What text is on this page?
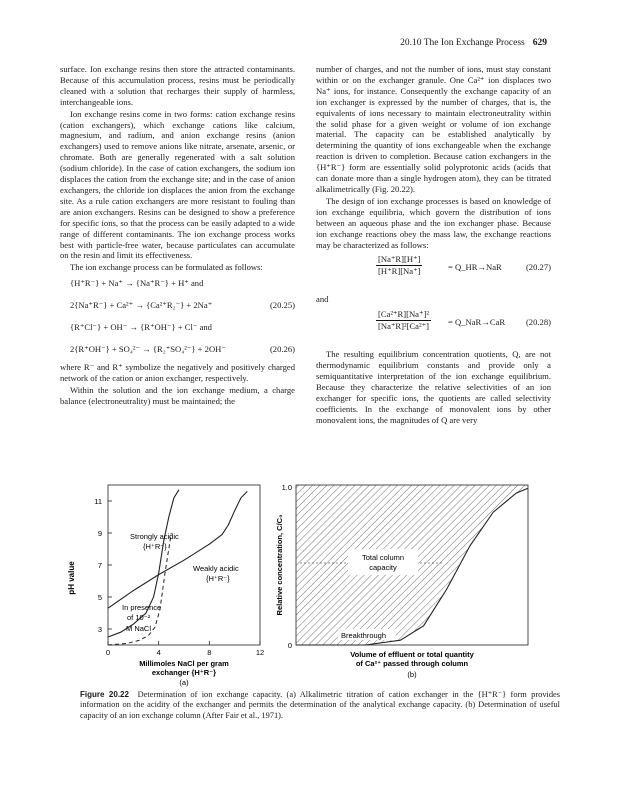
20.10 The Ion Exchange Process 629

surface. Ion exchange resins then store the attracted contaminants. Because of this accumulation process, resins must be periodically cleaned with a solution that recharges their supply of harmless, interchangeable ions.

Ion exchange resins come in two forms: cation exchange resins (cation exchangers), which exchange cations like calcium, magnesium, and radium, and anion exchange resins (anion exchangers) used to remove anions like nitrate, arsenate, arsenic, or chromate. Both are generally regenerated with a salt solution (sodium chloride). In the case of cation exchangers, the sodium ion displaces the cation from the exchange site; and in the case of anion exchangers, the chloride ion displaces the anion from the exchange site. As a rule cation exchangers are more resistant to fouling than are anion exchangers. Resins can be designed to show a preference for specific ions, so that the process can be easily adapted to a wide range of different contaminants. The ion exchange process works best with particle-free water, because particulates can accumulate on the resin and limit its effectiveness.

The ion exchange process can be formulated as follows:

{H⁺R⁻} + Na⁺ → {Na⁺R⁻} + H⁺ and
2{Na⁺R⁻} + Ca²⁺ → {Ca²⁺R₂⁻} + 2Na⁺	(20.25)
{R⁺Cl⁻} + OH⁻ → {R⁺OH⁻} + Cl⁻ and
2{R⁺OH⁻} + SO₄²⁻ → {R₂⁺SO₄²⁻} + 2OH⁻	(20.26)

where R⁻ and R⁺ symbolize the negatively and positively charged network of the cation or anion exchanger, respectively.

Within the solution and the ion exchange medium, a charge balance (electroneutrality) must be maintained; the

number of charges, and not the number of ions, must stay constant within or on the exchanger granule. One Ca²⁺ ion displaces two Na⁺ ions, for instance. Consequently the exchange capacity of an ion exchanger is expressed by the number of charges, that is, the equivalents of ions necessary to maintain electroneutrality within the solid phase for a given weight or volume of ion exchange material. The capacity can be established analytically by determining the quantity of ions exchangeable when the exchange reaction is driven to completion. Because cation exchangers in the {H⁺R⁻} form are essentially solid polyprotonic acids (acids that can donate more than a single hydrogen atom), they can be titrated alkalimetrically (Fig. 20.22).

The design of ion exchange processes is based on knowledge of ion exchange equilibria, which govern the distribution of ions between an aqueous phase and the ion exchanger phase. Because ion exchange reactions obey the mass law, the exchange reactions may be characterized as follows:

$\frac{[Na^+R][H^+]}{[H^+R][Na^+]}$	= Q_HR→NaR	(20.27)

and

$\frac{\text{[Ca²⁺R][Na⁺]²}}{\text{[Na⁺R]²[Ca²⁺]}}$ = Q_NaR→CaR (20.28)

The resulting equilibrium concentration quotients, Q, are not thermodynamic equilibrium constants and provide only a semiquantitative interpretation of the ion exchange equilibrium. Because they characterize the relative selectivities of an ion exchanger for specific ions, the quotients are called selectivity coefficients. In the exchange of monovalent ions by other monovalent ions, the magnitudes of Q are very

pH value
3
5
7
9
11
0	4	8	12
Millimoles NaCl per gram
exchanger {H⁺R⁻}
(a)
Strongly acidic
{H⁺R⁻}
Weakly acidic
{H⁺R⁻}
In presence
of 10⁻²
M NaCl
1.0
0
Relative concentration, C/C₀
Volume of effluent or total quantity
of Ca²⁺ passed through column
(b)
Total column
capacity
Breakthrough
Figure 20.22 Determination of ion exchange capacity. (a) Alkalimetric titration of cation exchanger in the {H⁺R⁻} form provides information on the acidity of the exchanger and permits the determination of the analytical exchange capacity. (b) Determination of useful capacity of an ion exchange column (After Fair et al., 1971).
